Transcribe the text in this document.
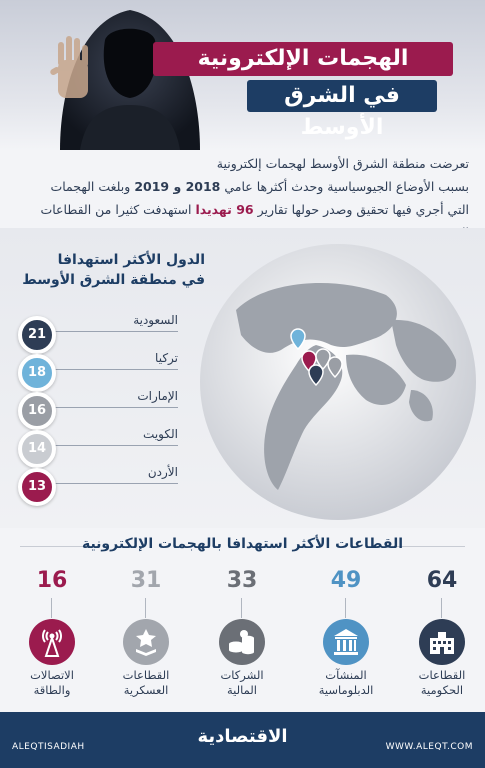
الهجمات الإلكترونية
في الشرق الأوسط
تعرضت منطقة الشرق الأوسط لهجمات إلكترونية
بسبب الأوضاع الجيوسياسية وحدث أكثرها عامي 2018 و 2019 وبلغت الهجمات
التي أجري فيها تحقيق وصدر حولها تقارير 96 تهديدا استهدفت كثيرا من القطاعات
الدول الأكثر استهدافا
في منطقة الشرق الأوسط
السعودية
21
تركيا
18
الإمارات
16
الكويت
14
الأردن
13
القطاعات الأكثر استهدافا بالهجمات الإلكترونية
64
القطاعات
الحكومية
49
المنشآت
الدبلوماسية
33
الشركات
المالية
31
القطاعات
العسكرية
16
الاتصالات
والطاقة
ALEQTISADIAH	الاقتصادية	WWW.ALEQT.COM
